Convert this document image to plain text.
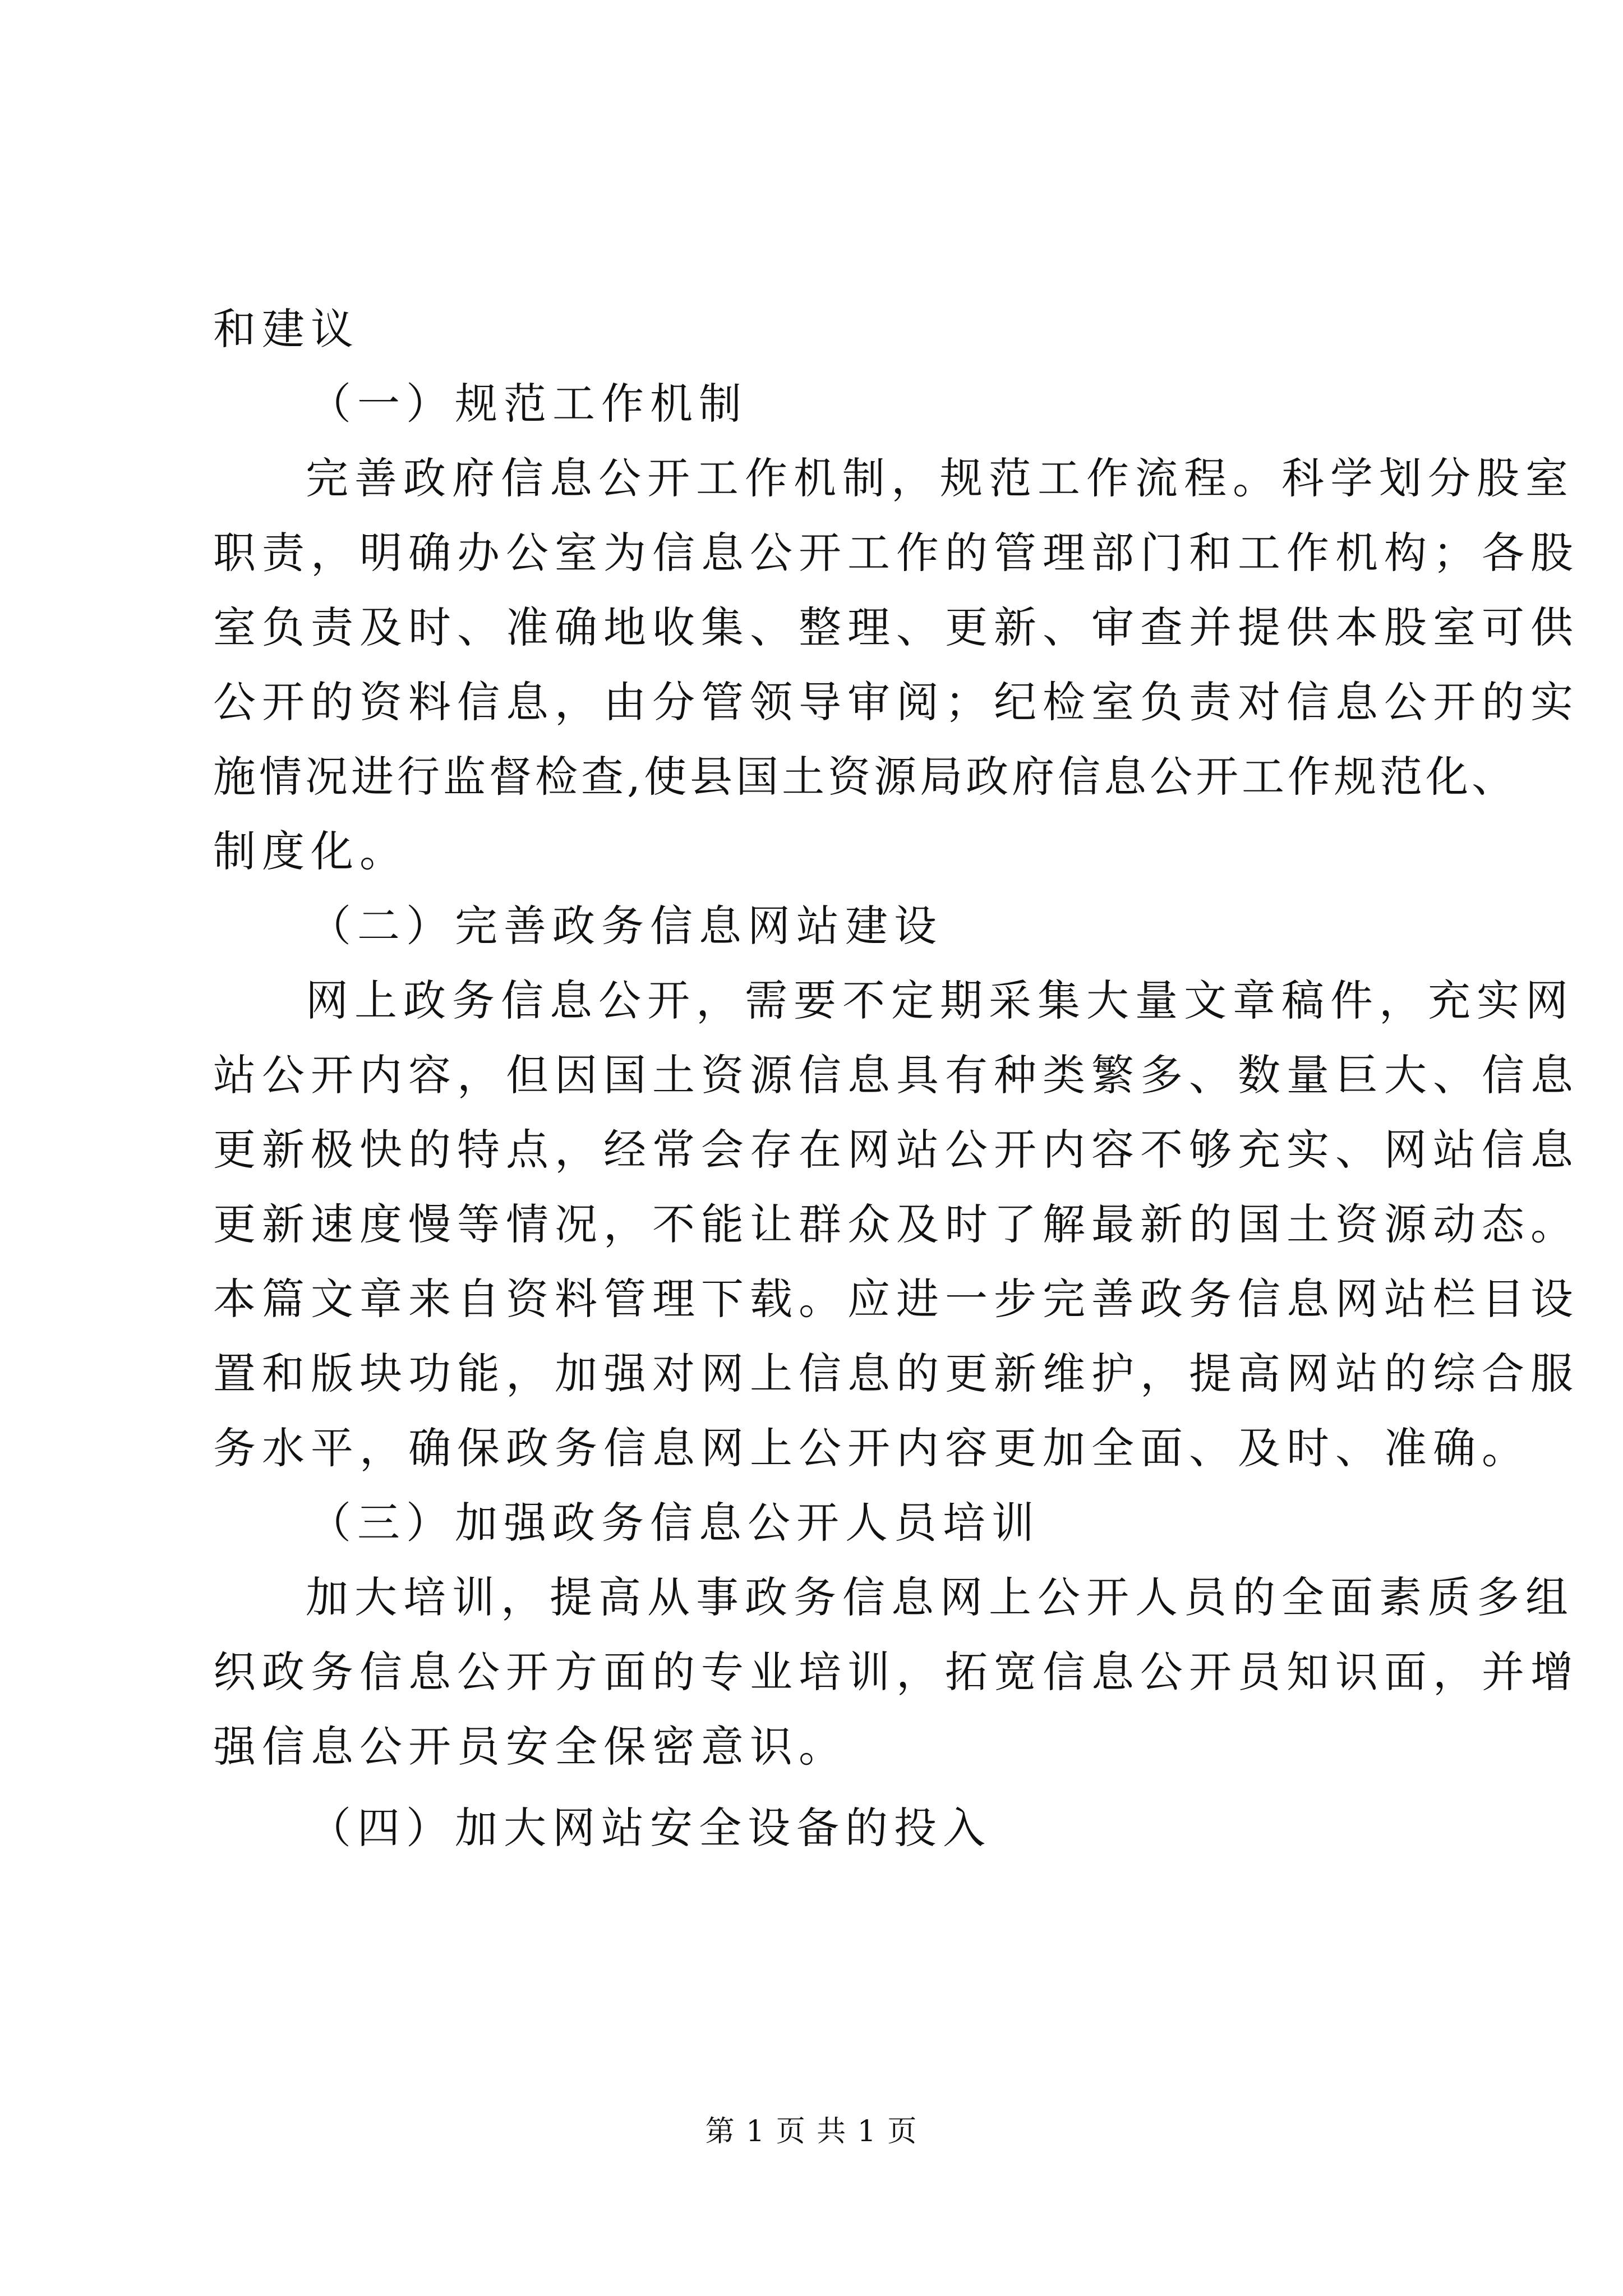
和建议
（一）规范工作机制
完善政府信息公开工作机制，规范工作流程。科学划分股室
职责，明确办公室为信息公开工作的管理部门和工作机构；各股
室负责及时、准确地收集、整理、更新、审查并提供本股室可供
公开的资料信息，由分管领导审阅；纪检室负责对信息公开的实
施情况进行监督检查,使县国土资源局政府信息公开工作规范化、
制度化。
（二）完善政务信息网站建设
网上政务信息公开，需要不定期采集大量文章稿件，充实网
站公开内容，但因国土资源信息具有种类繁多、数量巨大、信息
更新极快的特点，经常会存在网站公开内容不够充实、网站信息
更新速度慢等情况，不能让群众及时了解最新的国土资源动态。
本篇文章来自资料管理下载。应进一步完善政务信息网站栏目设
置和版块功能，加强对网上信息的更新维护，提高网站的综合服
务水平，确保政务信息网上公开内容更加全面、及时、准确。
（三）加强政务信息公开人员培训
加大培训，提高从事政务信息网上公开人员的全面素质多组
织政务信息公开方面的专业培训，拓宽信息公开员知识面，并增
强信息公开员安全保密意识。
（四）加大网站安全设备的投入
第 1 页 共 1 页
